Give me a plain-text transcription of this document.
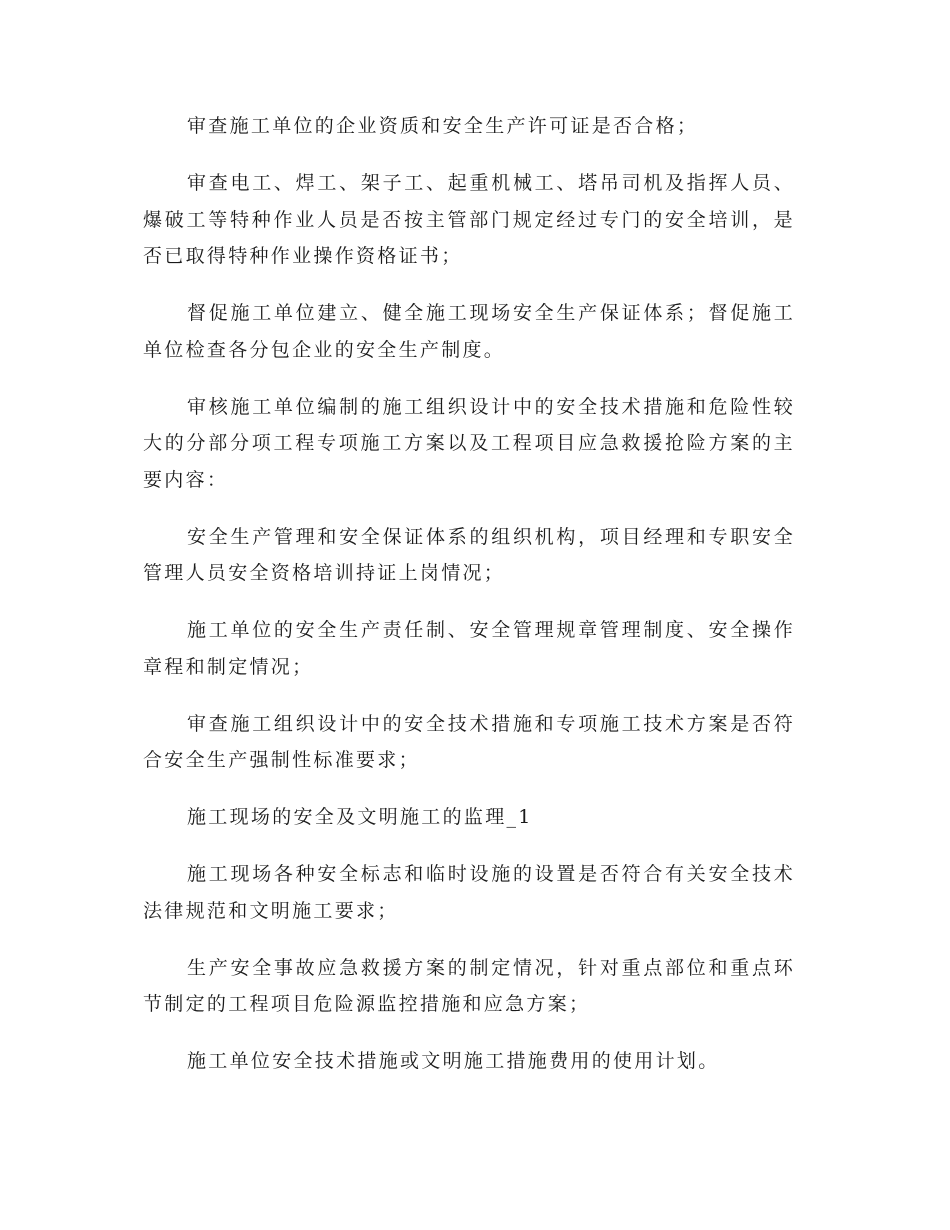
审查施工单位的企业资质和安全生产许可证是否合格；

审查电工、焊工、架子工、起重机械工、塔吊司机及指挥人员、爆破工等特种作业人员是否按主管部门规定经过专门的安全培训，是否已取得特种作业操作资格证书；

督促施工单位建立、健全施工现场安全生产保证体系；督促施工单位检查各分包企业的安全生产制度。

审核施工单位编制的施工组织设计中的安全技术措施和危险性较大的分部分项工程专项施工方案以及工程项目应急救援抢险方案的主要内容：

安全生产管理和安全保证体系的组织机构，项目经理和专职安全管理人员安全资格培训持证上岗情况；

施工单位的安全生产责任制、安全管理规章管理制度、安全操作章程和制定情况；

审查施工组织设计中的安全技术措施和专项施工技术方案是否符合安全生产强制性标准要求；

施工现场的安全及文明施工的监理_1

施工现场各种安全标志和临时设施的设置是否符合有关安全技术法律规范和文明施工要求；

生产安全事故应急救援方案的制定情况，针对重点部位和重点环节制定的工程项目危险源监控措施和应急方案；

施工单位安全技术措施或文明施工措施费用的使用计划。
